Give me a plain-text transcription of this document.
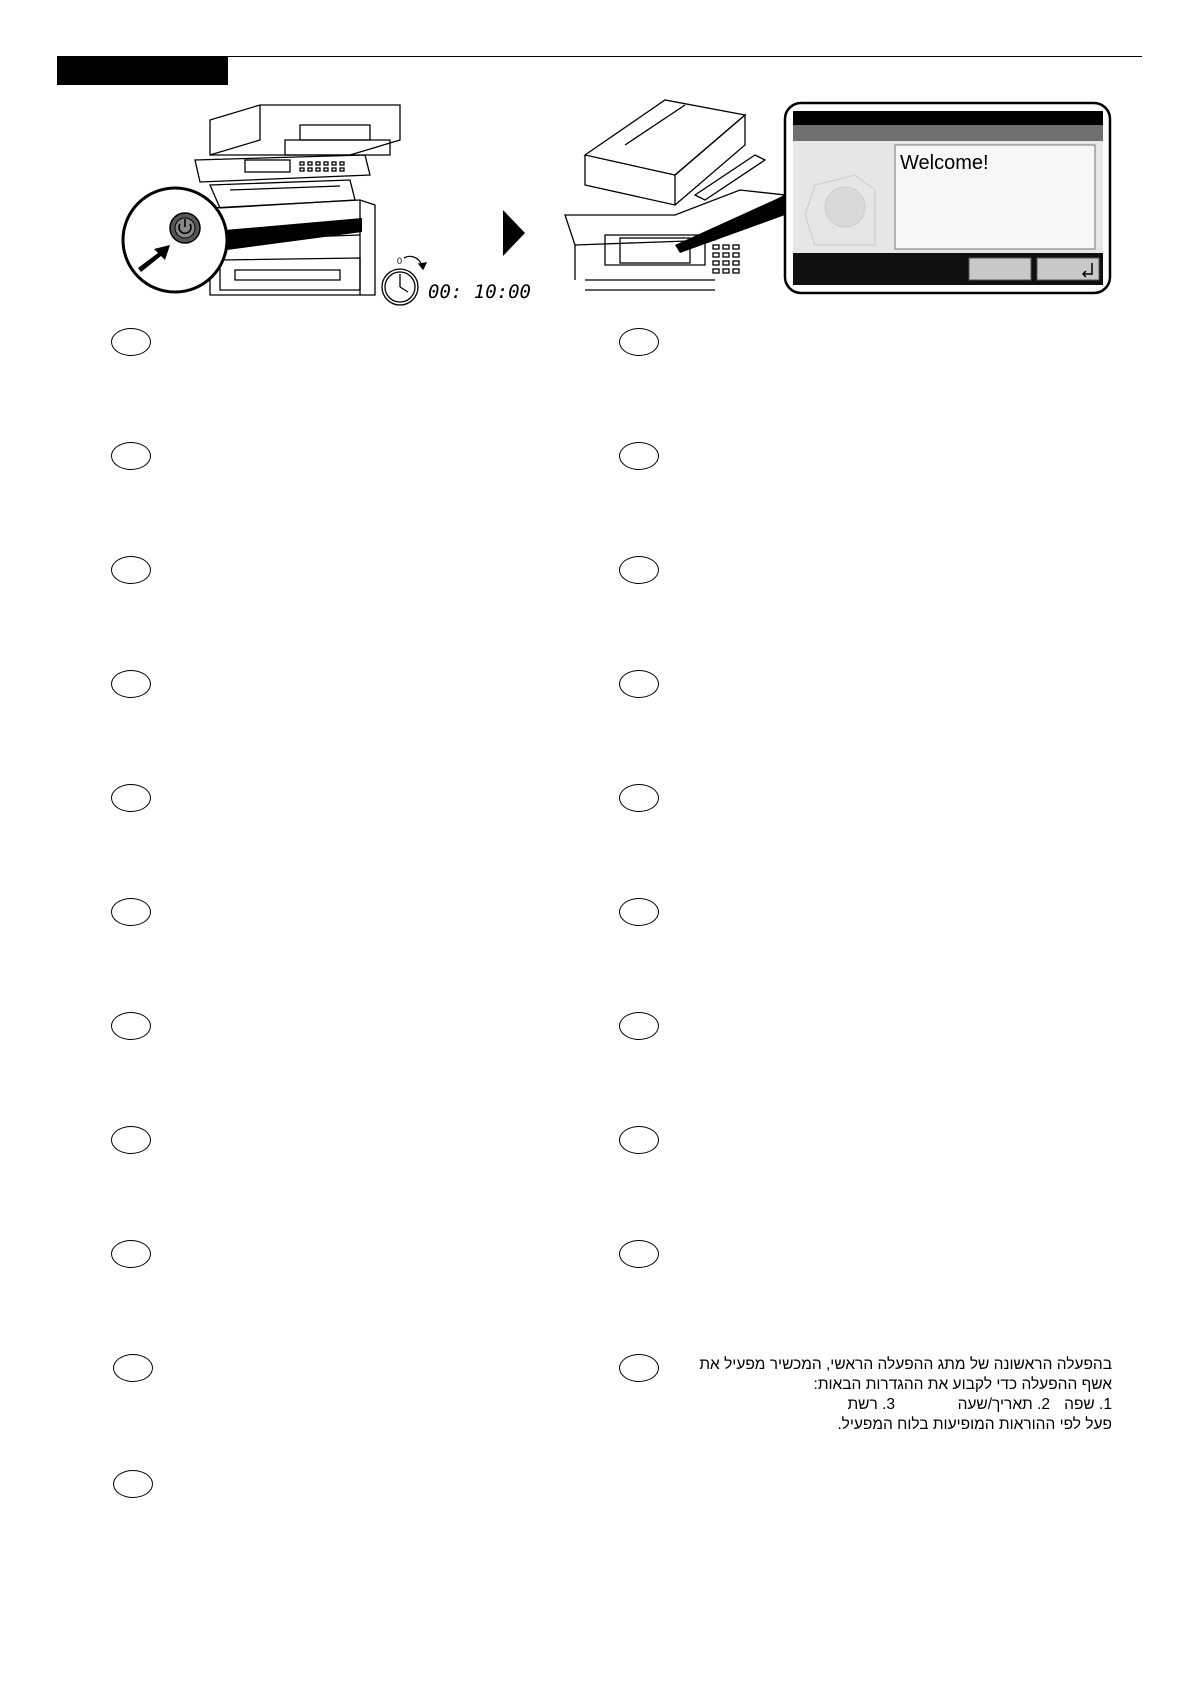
0
00: 10:00
Welcome!

בהפעלה הראשונה של מתג ההפעלה הראשי, המכשיר מפעיל את

אשף ההפעלה כדי לקבוע את ההגדרות הבאות:

1. שפה
2. תאריך/שעה
3. רשת

פעל לפי ההוראות המופיעות בלוח המפעיל.
